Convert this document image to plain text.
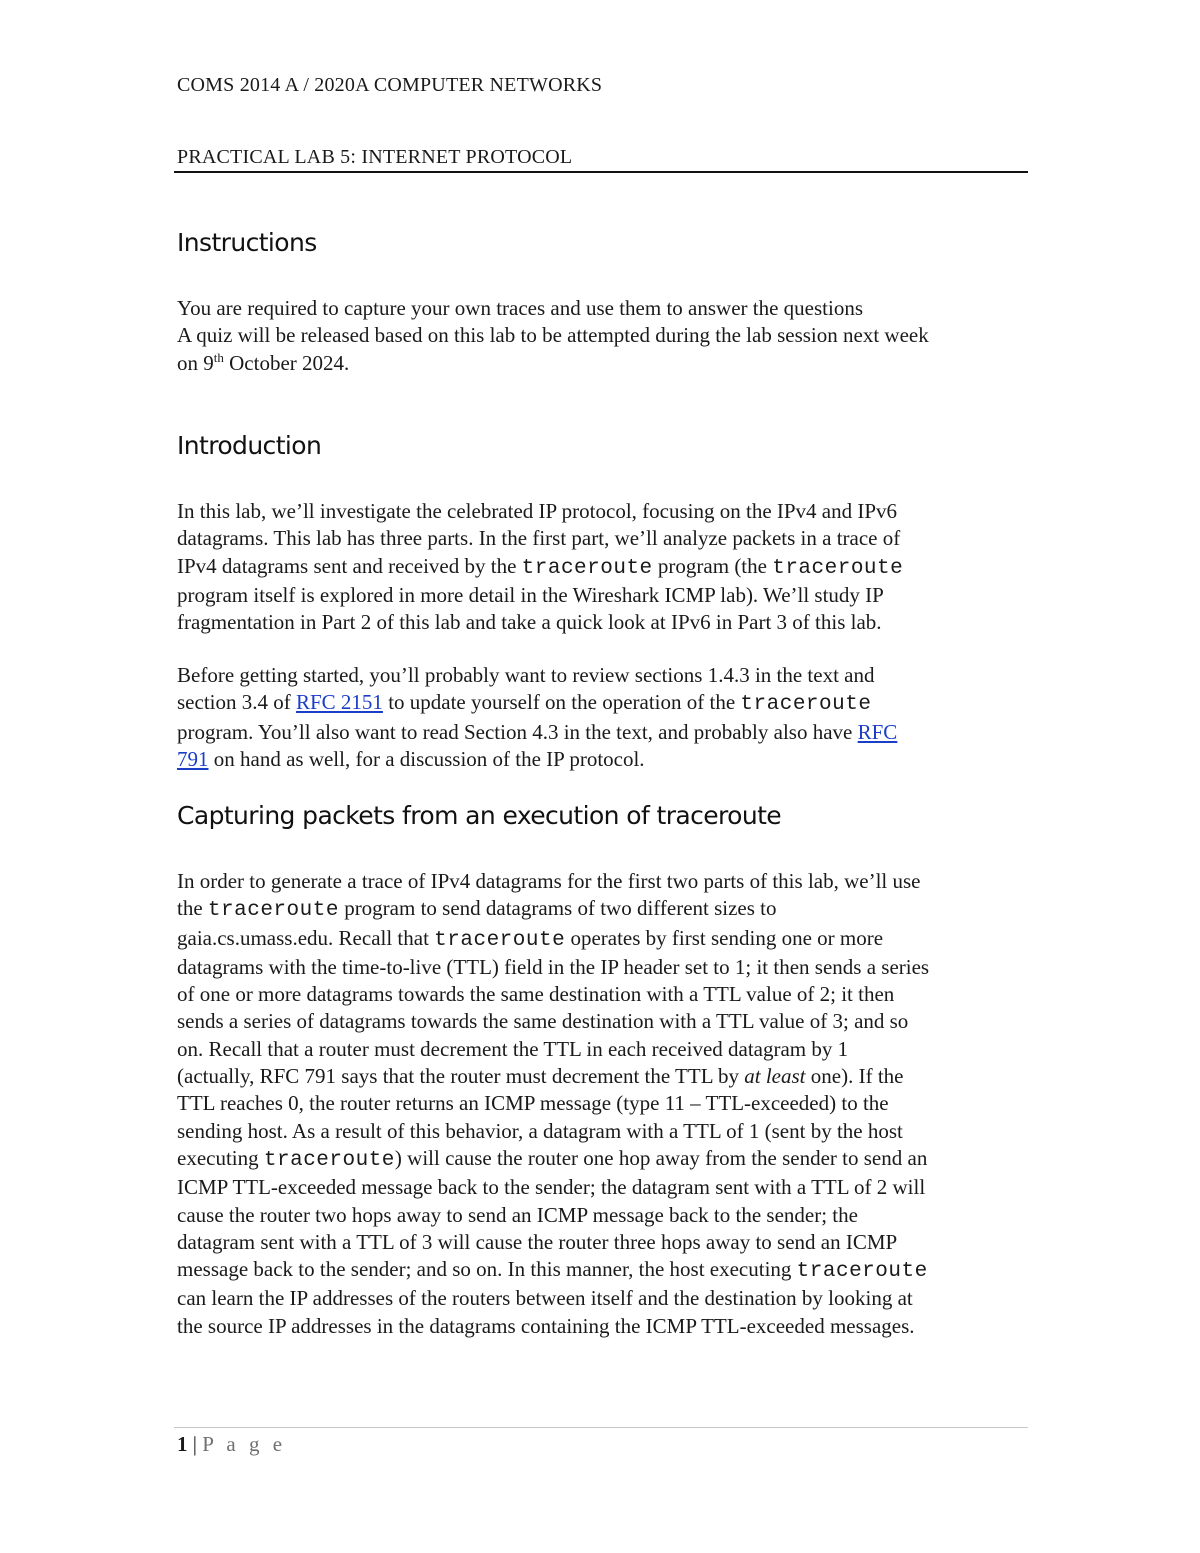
COMS 2014 A / 2020A COMPUTER NETWORKS
PRACTICAL LAB 5: INTERNET PROTOCOL
Instructions
You are required to capture your own traces and use them to answer the questions
A quiz will be released based on this lab to be attempted during the lab session next week
on 9th October 2024.
Introduction
In this lab, we’ll investigate the celebrated IP protocol, focusing on the IPv4 and IPv6
datagrams. This lab has three parts. In the first part, we’ll analyze packets in a trace of
IPv4 datagrams sent and received by the traceroute program (the traceroute
program itself is explored in more detail in the Wireshark ICMP lab). We’ll study IP
fragmentation in Part 2 of this lab and take a quick look at IPv6 in Part 3 of this lab.
Before getting started, you’ll probably want to review sections 1.4.3 in the text and
section 3.4 of RFC 2151 to update yourself on the operation of the traceroute
program. You’ll also want to read Section 4.3 in the text, and probably also have RFC
791 on hand as well, for a discussion of the IP protocol.
Capturing packets from an execution of traceroute
In order to generate a trace of IPv4 datagrams for the first two parts of this lab, we’ll use
the traceroute program to send datagrams of two different sizes to
gaia.cs.umass.edu. Recall that traceroute operates by first sending one or more
datagrams with the time-to-live (TTL) field in the IP header set to 1; it then sends a series
of one or more datagrams towards the same destination with a TTL value of 2; it then
sends a series of datagrams towards the same destination with a TTL value of 3; and so
on. Recall that a router must decrement the TTL in each received datagram by 1
(actually, RFC 791 says that the router must decrement the TTL by at least one). If the
TTL reaches 0, the router returns an ICMP message (type 11 – TTL-exceeded) to the
sending host. As a result of this behavior, a datagram with a TTL of 1 (sent by the host
executing traceroute) will cause the router one hop away from the sender to send an
ICMP TTL-exceeded message back to the sender; the datagram sent with a TTL of 2 will
cause the router two hops away to send an ICMP message back to the sender; the
datagram sent with a TTL of 3 will cause the router three hops away to send an ICMP
message back to the sender; and so on. In this manner, the host executing traceroute
can learn the IP addresses of the routers between itself and the destination by looking at
the source IP addresses in the datagrams containing the ICMP TTL-exceeded messages.
1 | P a g e
